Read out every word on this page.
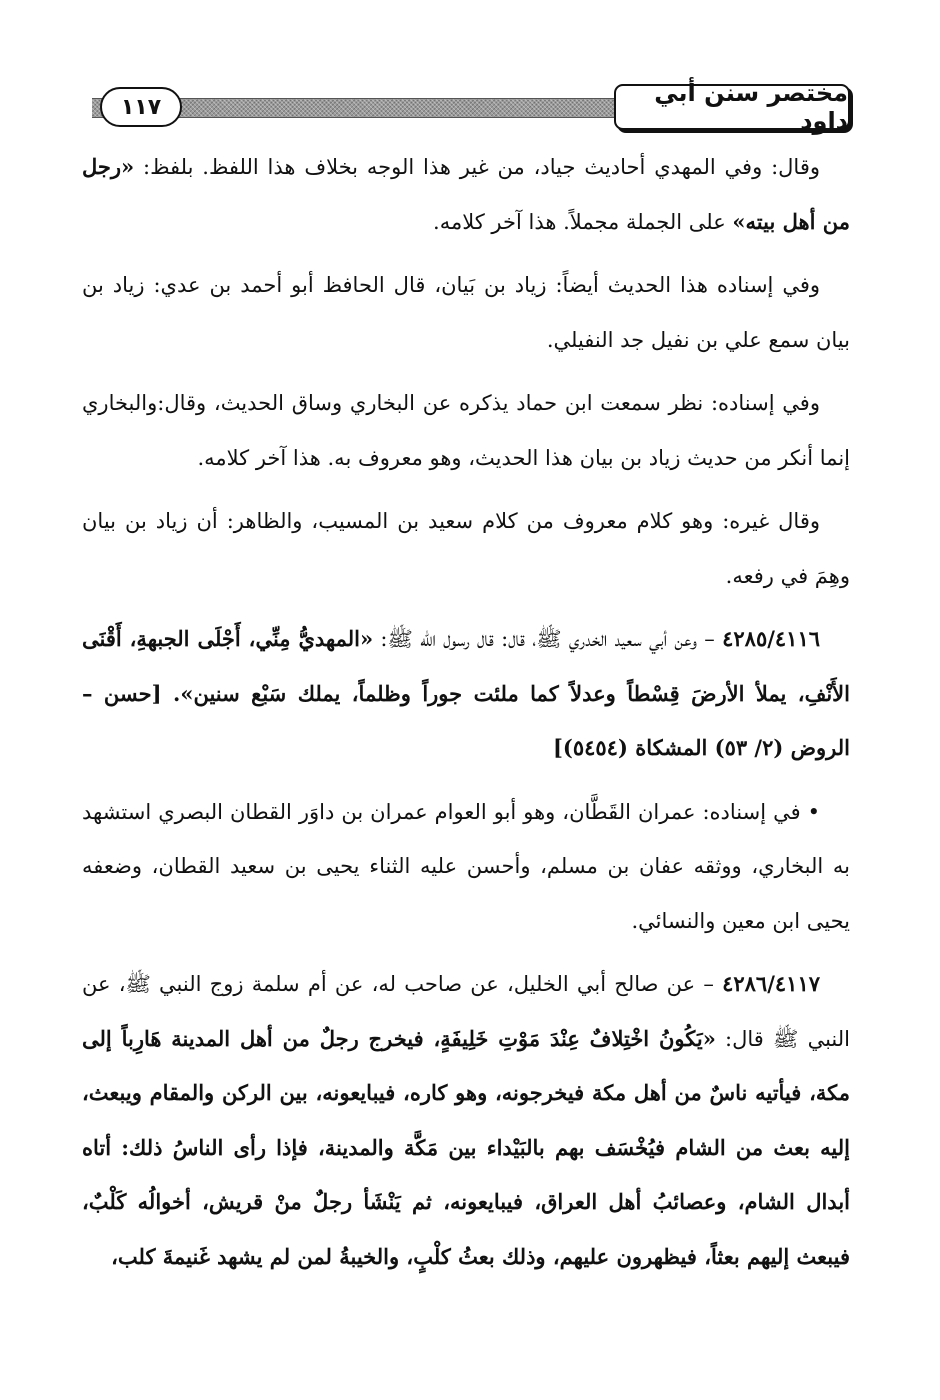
١١٧	مختصر سنن أبي داود

وقال: وفي المهدي أحاديث جياد، من غير هذا الوجه بخلاف هذا اللفظ. بلفظ: «رجل من أهل بيته» على الجملة مجملاً. هذا آخر كلامه.

وفي إسناده هذا الحديث أيضاً: زياد بن بَيان، قال الحافظ أبو أحمد بن عدي: زياد بن بيان سمع علي بن نفيل جد النفيلي.

وفي إسناده: نظر سمعت ابن حماد يذكره عن البخاري وساق الحديث، وقال:والبخاري إنما أنكر من حديث زياد بن بيان هذا الحديث، وهو معروف به. هذا آخر كلامه.

وقال غيره: وهو كلام معروف من كلام سعيد بن المسيب، والظاهر: أن زياد بن بيان وهِمَ في رفعه.

٤٢٨٥/٤١١٦ – وعن أبي سعيد الخدري ﷺ، قال: قال رسول الله ﷺ: «المهديُّ مِنِّي، أَجْلَى الجبهةِ، أَقْنَى الأَنْفِ، يملأ الأرضَ قِسْطاً وعدلاً كما ملئت جوراً وظلماً، يملك سَبْع سنين». [حسن – الروض (٢/ ٥٣) المشكاة (٥٤٥٤)]

• في إسناده: عمران القَطَّان، وهو أبو العوام عمران بن داوَر القطان البصري استشهد به البخاري، ووثقه عفان بن مسلم، وأحسن عليه الثناء يحيى بن سعيد القطان، وضعفه يحيى ابن معين والنسائي.

٤٢٨٦/٤١١٧ – عن صالح أبي الخليل، عن صاحب له، عن أم سلمة زوج النبي ﷺ، عن النبي ﷺ قال: «يَكُونُ اخْتِلافٌ عِنْدَ مَوْتِ خَلِيفَةٍ، فيخرج رجلٌ من أهل المدينة هَارِباً إلى مكة، فيأتيه ناسٌ من أهل مكة فيخرجونه، وهو كاره، فيبايعونه، بين الركن والمقام ويبعث، إليه بعث من الشام فيُخْسَف بهم بالبَيْداء بين مَكَّة والمدينة، فإذا رأى الناسُ ذلك: أتاه أبدال الشام، وعصائبُ أهل العراق، فيبايعونه، ثم يَنْشَأ رجلٌ منْ قريش، أخوالُه كَلْبٌ، فيبعث إليهم بعثاً، فيظهرون عليهم، وذلك بعثُ كلْبٍ، والخيبةُ لمن لم يشهد غَنيمةَ كلب،
